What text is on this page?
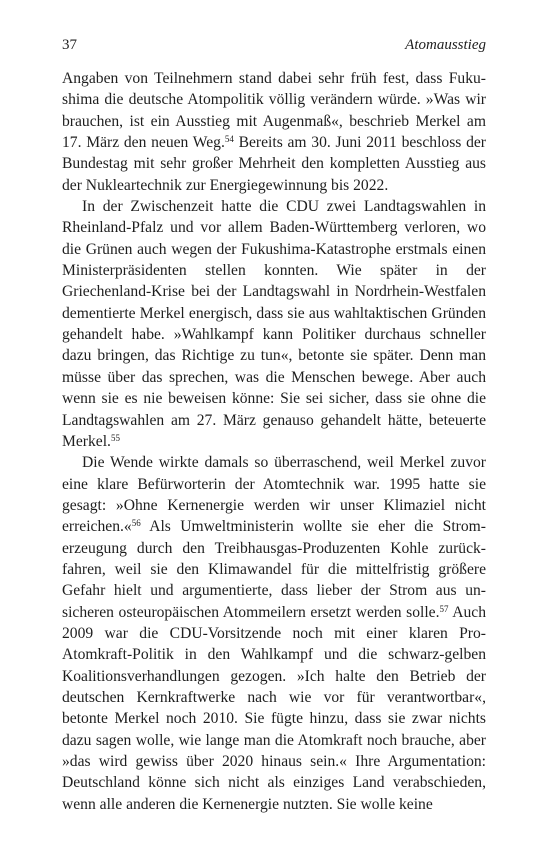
37	Atomausstieg

Angaben von Teilnehmern stand dabei sehr früh fest, dass Fukushima die deutsche Atompolitik völlig verändern würde. »Was wir brauchen, ist ein Ausstieg mit Augenmaß«, beschrieb Merkel am 17. März den neuen Weg.$^{54}$ Bereits am 30. Juni 2011 beschloss der Bundestag mit sehr großer Mehrheit den kompletten Ausstieg aus der Nukleartechnik zur Energiegewinnung bis 2022.

In der Zwischenzeit hatte die CDU zwei Landtagswahlen in Rheinland-Pfalz und vor allem Baden-Württemberg verloren, wo die Grünen auch wegen der Fukushima-Katastrophe erstmals einen Ministerpräsidenten stellen konnten. Wie später in der Griechenland-Krise bei der Landtagswahl in Nordrhein-Westfalen dementierte Merkel energisch, dass sie aus wahltaktischen Gründen gehandelt habe. »Wahlkampf kann Politiker durchaus schneller dazu bringen, das Richtige zu tun«, betonte sie später. Denn man müsse über das sprechen, was die Menschen bewege. Aber auch wenn sie es nie beweisen könne: Sie sei sicher, dass sie ohne die Landtagswahlen am 27. März genauso gehandelt hätte, beteuerte Merkel.$^{55}$

Die Wende wirkte damals so überraschend, weil Merkel zuvor eine klare Befürworterin der Atomtechnik war. 1995 hatte sie gesagt: »Ohne Kernenergie werden wir unser Klimaziel nicht erreichen.«$^{56}$ Als Umweltministerin wollte sie eher die Stromerzeugung durch den Treibhausgas-Produzenten Kohle zurückfahren, weil sie den Klimawandel für die mittelfristig größere Gefahr hielt und argumentierte, dass lieber der Strom aus unsicheren osteuropäischen Atommeilern ersetzt werden solle.$^{57}$ Auch 2009 war die CDU-Vorsitzende noch mit einer klaren Pro-Atomkraft-Politik in den Wahlkampf und die schwarz-gelben Koalitionsverhandlungen gezogen. »Ich halte den Betrieb der deutschen Kernkraftwerke nach wie vor für verantwortbar«, betonte Merkel noch 2010. Sie fügte hinzu, dass sie zwar nichts dazu sagen wolle, wie lange man die Atomkraft noch brauche, aber »das wird gewiss über 2020 hinaus sein.« Ihre Argumentation: Deutschland könne sich nicht als einziges Land verabschieden, wenn alle anderen die Kernenergie nutzten. Sie wolle keine
